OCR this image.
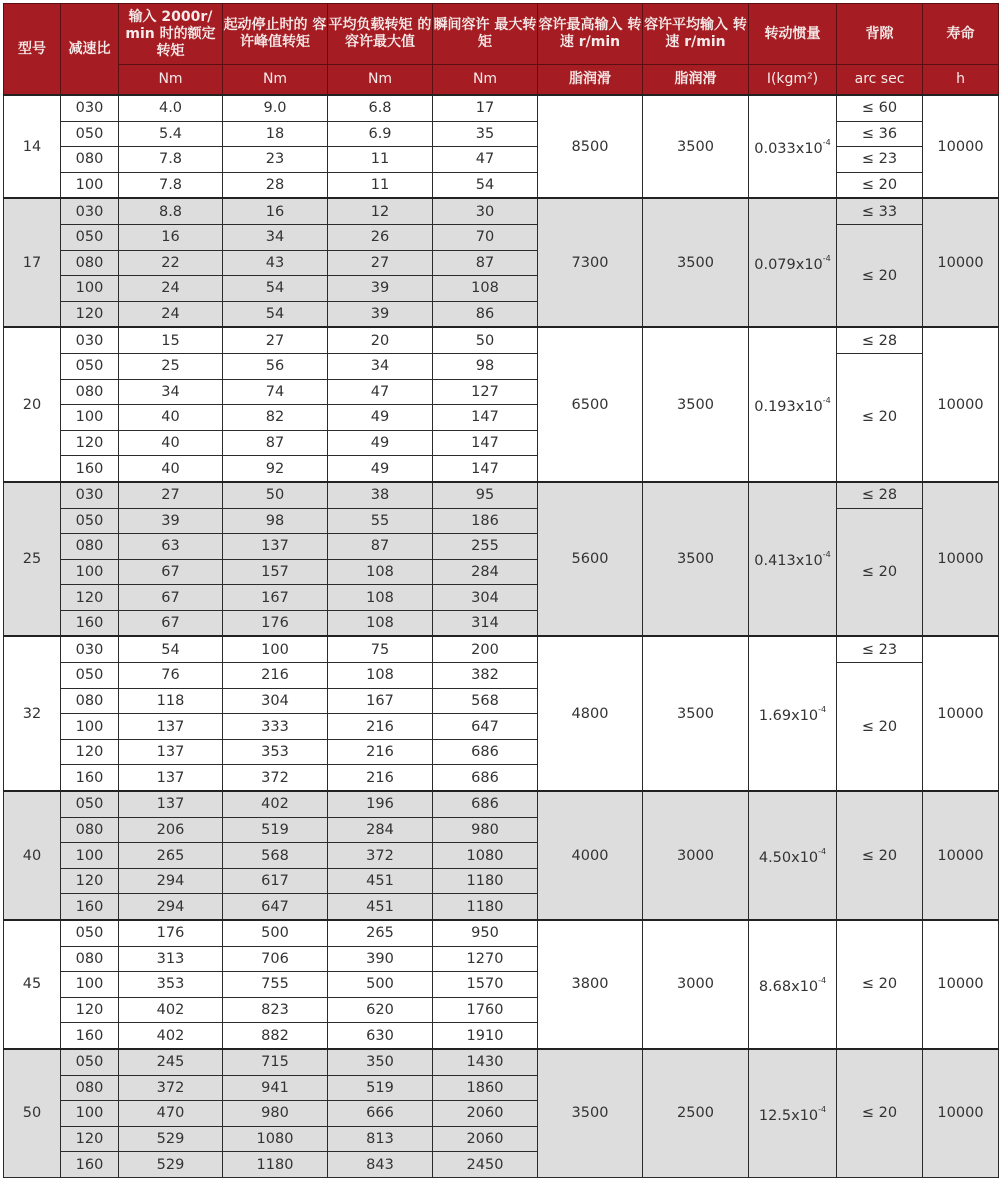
型号	减速比	输入 2000r/ min 时的额定转矩	起动停止时的 容许峰值转矩	平均负载转矩 的容许最大值	瞬间容许 最大转矩	容许最高输入 转速 r/min	容许平均输入 转速 r/min	转动惯量	背隙	寿命
		Nm	Nm	Nm	Nm	脂润滑	脂润滑	I(kgm²)	arc sec	h
14	030	4.0	9.0	6.8	17	8500	3500	$0.033x10^{-4}$	≤ 60	10000
	050	5.4	18	6.9	35				≤ 36	
	080	7.8	23	11	47				≤ 23	
	100	7.8	28	11	54				≤ 20	
17	030	8.8	16	12	30	7300	3500	$0.079x10^{-4}$	≤ 33	10000
	050	16	34	26	70				≤ 20	
	080	22	43	27	87					
	100	24	54	39	108					
	120	24	54	39	86					
20	030	15	27	20	50	6500	3500	$0.193x10^{-4}$	≤ 28	10000
	050	25	56	34	98				≤ 20	
	080	34	74	47	127					
	100	40	82	49	147					
	120	40	87	49	147					
	160	40	92	49	147					
25	030	27	50	38	95	5600	3500	$0.413x10^{-4}$	≤ 28	10000
	050	39	98	55	186				≤ 20	
	080	63	137	87	255					
	100	67	157	108	284					
	120	67	167	108	304					
	160	67	176	108	314					
32	030	54	100	75	200	4800	3500	$1.69x10^{-4}$	≤ 23	10000
	050	76	216	108	382				≤ 20	
	080	118	304	167	568					
	100	137	333	216	647					
	120	137	353	216	686					
	160	137	372	216	686					
40	050	137	402	196	686	4000	3000	$4.50x10^{-4}$	≤ 20	10000
	080	206	519	284	980					
	100	265	568	372	1080					
	120	294	617	451	1180					
	160	294	647	451	1180					
45	050	176	500	265	950	3800	3000	$8.68x10^{-4}$	≤ 20	10000
	080	313	706	390	1270					
	100	353	755	500	1570					
	120	402	823	620	1760					
	160	402	882	630	1910					
50	050	245	715	350	1430	3500	2500	$12.5x10^{-4}$	≤ 20	10000
	080	372	941	519	1860					
	100	470	980	666	2060					
	120	529	1080	813	2060					
	160	529	1180	843	2450					
